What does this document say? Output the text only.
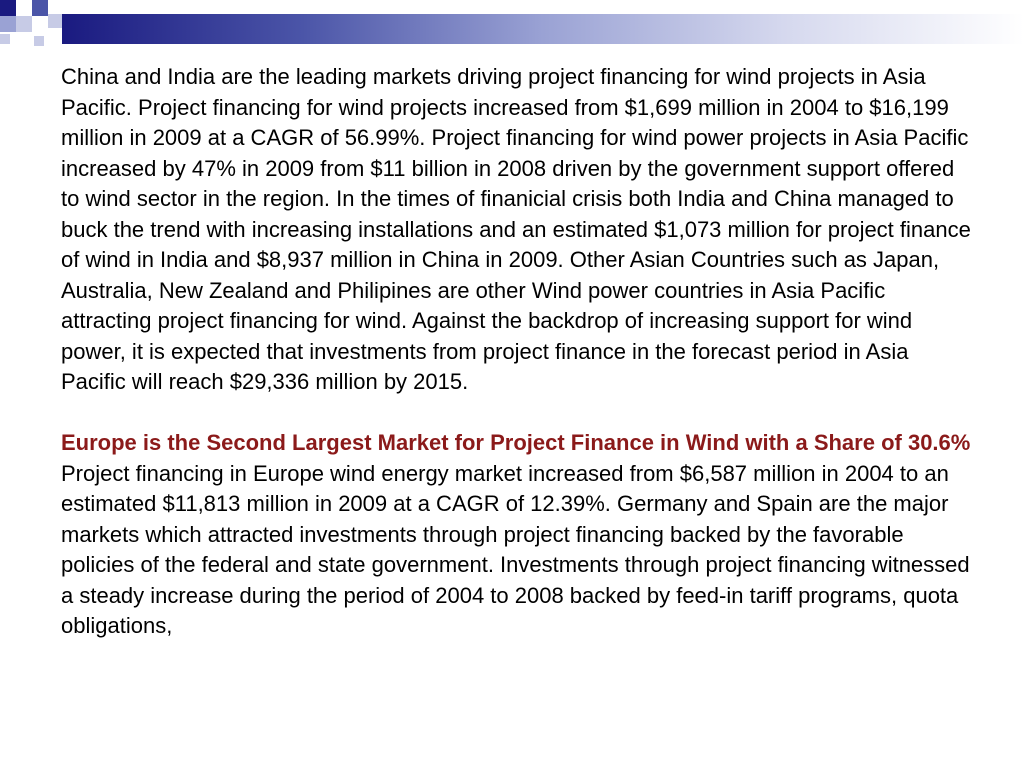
China and India are the leading markets driving project financing for wind projects in Asia Pacific. Project financing for wind projects increased from $1,699 million in 2004 to $16,199 million in 2009 at a CAGR of 56.99%. Project financing for wind power projects in Asia Pacific increased by 47% in 2009 from $11 billion in 2008 driven by the government support offered to wind sector in the region. In the times of finanicial crisis both India and China managed to buck the trend with increasing installations and an estimated $1,073 million for project finance of wind in India and $8,937 million in China in 2009. Other Asian Countries such as Japan, Australia, New Zealand and Philipines are other Wind power countries in Asia Pacific attracting project financing for wind. Against the backdrop of increasing support for wind power, it is expected that investments from project finance in the forecast period in Asia Pacific will reach $29,336 million by 2015.

Europe is the Second Largest Market for Project Finance in Wind with a Share of 30.6%

Project financing in Europe wind energy market increased from $6,587 million in 2004 to an estimated $11,813 million in 2009 at a CAGR of 12.39%. Germany and Spain are the major markets which attracted investments through project financing backed by the favorable policies of the federal and state government. Investments through project financing witnessed a steady increase during the period of 2004 to 2008 backed by feed-in tariff programs, quota obligations,
